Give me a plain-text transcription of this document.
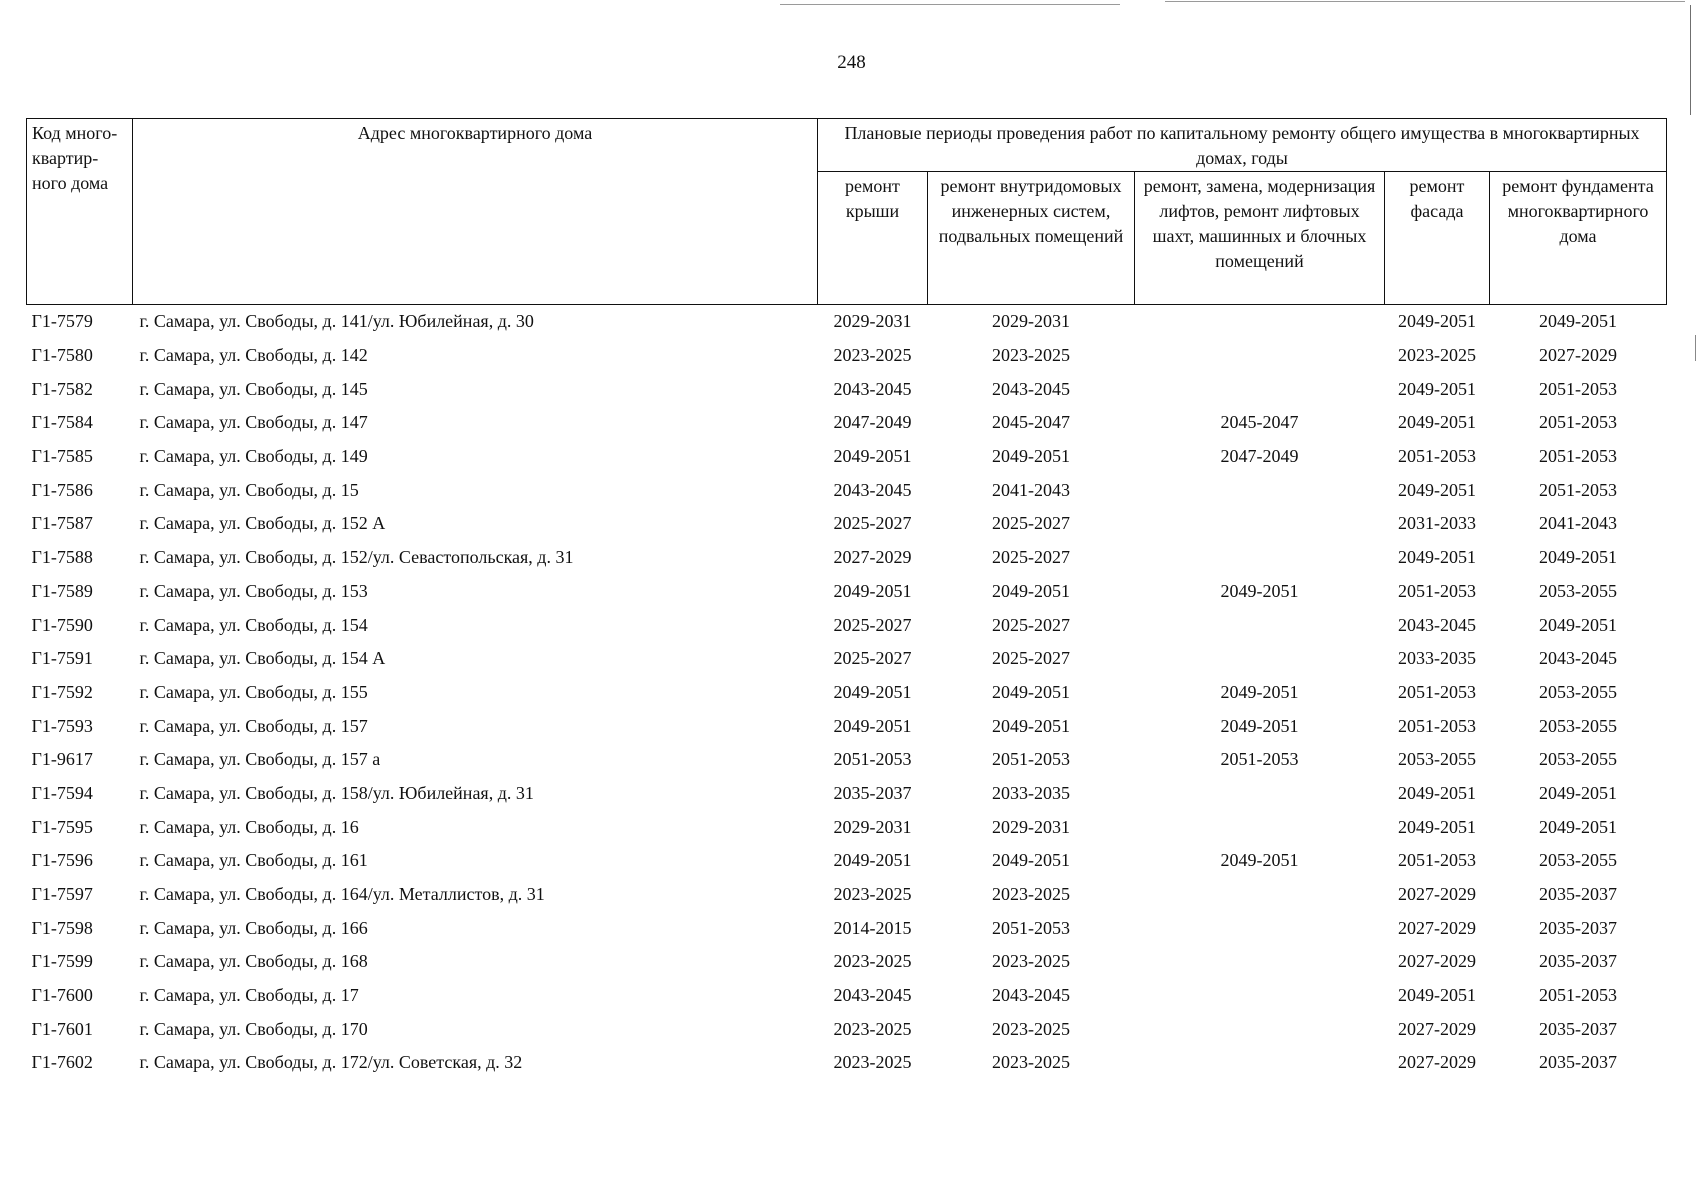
248
Код много-квартир-ного дома	Адрес многоквартирного дома	Плановые периоды проведения работ по капитальному ремонту общего имущества в многоквартирных домах, годы				
		ремонт крыши	ремонт внутридомовых инженерных систем, подвальных помещений	ремонт, замена, модернизация лифтов, ремонт лифтовых шахт, машинных и блочных помещений	ремонт фасада	ремонт фундамента многоквартирного дома
Г1-7579	г. Самара, ул. Свободы, д. 141/ул. Юбилейная, д. 30	2029-2031	2029-2031		2049-2051	2049-2051
Г1-7580	г. Самара, ул. Свободы, д. 142	2023-2025	2023-2025		2023-2025	2027-2029
Г1-7582	г. Самара, ул. Свободы, д. 145	2043-2045	2043-2045		2049-2051	2051-2053
Г1-7584	г. Самара, ул. Свободы, д. 147	2047-2049	2045-2047	2045-2047	2049-2051	2051-2053
Г1-7585	г. Самара, ул. Свободы, д. 149	2049-2051	2049-2051	2047-2049	2051-2053	2051-2053
Г1-7586	г. Самара, ул. Свободы, д. 15	2043-2045	2041-2043		2049-2051	2051-2053
Г1-7587	г. Самара, ул. Свободы, д. 152 А	2025-2027	2025-2027		2031-2033	2041-2043
Г1-7588	г. Самара, ул. Свободы, д. 152/ул. Севастопольская, д. 31	2027-2029	2025-2027		2049-2051	2049-2051
Г1-7589	г. Самара, ул. Свободы, д. 153	2049-2051	2049-2051	2049-2051	2051-2053	2053-2055
Г1-7590	г. Самара, ул. Свободы, д. 154	2025-2027	2025-2027		2043-2045	2049-2051
Г1-7591	г. Самара, ул. Свободы, д. 154 А	2025-2027	2025-2027		2033-2035	2043-2045
Г1-7592	г. Самара, ул. Свободы, д. 155	2049-2051	2049-2051	2049-2051	2051-2053	2053-2055
Г1-7593	г. Самара, ул. Свободы, д. 157	2049-2051	2049-2051	2049-2051	2051-2053	2053-2055
Г1-9617	г. Самара, ул. Свободы, д. 157 а	2051-2053	2051-2053	2051-2053	2053-2055	2053-2055
Г1-7594	г. Самара, ул. Свободы, д. 158/ул. Юбилейная, д. 31	2035-2037	2033-2035		2049-2051	2049-2051
Г1-7595	г. Самара, ул. Свободы, д. 16	2029-2031	2029-2031		2049-2051	2049-2051
Г1-7596	г. Самара, ул. Свободы, д. 161	2049-2051	2049-2051	2049-2051	2051-2053	2053-2055
Г1-7597	г. Самара, ул. Свободы, д. 164/ул. Металлистов, д. 31	2023-2025	2023-2025		2027-2029	2035-2037
Г1-7598	г. Самара, ул. Свободы, д. 166	2014-2015	2051-2053		2027-2029	2035-2037
Г1-7599	г. Самара, ул. Свободы, д. 168	2023-2025	2023-2025		2027-2029	2035-2037
Г1-7600	г. Самара, ул. Свободы, д. 17	2043-2045	2043-2045		2049-2051	2051-2053
Г1-7601	г. Самара, ул. Свободы, д. 170	2023-2025	2023-2025		2027-2029	2035-2037
Г1-7602	г. Самара, ул. Свободы, д. 172/ул. Советская, д. 32	2023-2025	2023-2025		2027-2029	2035-2037
